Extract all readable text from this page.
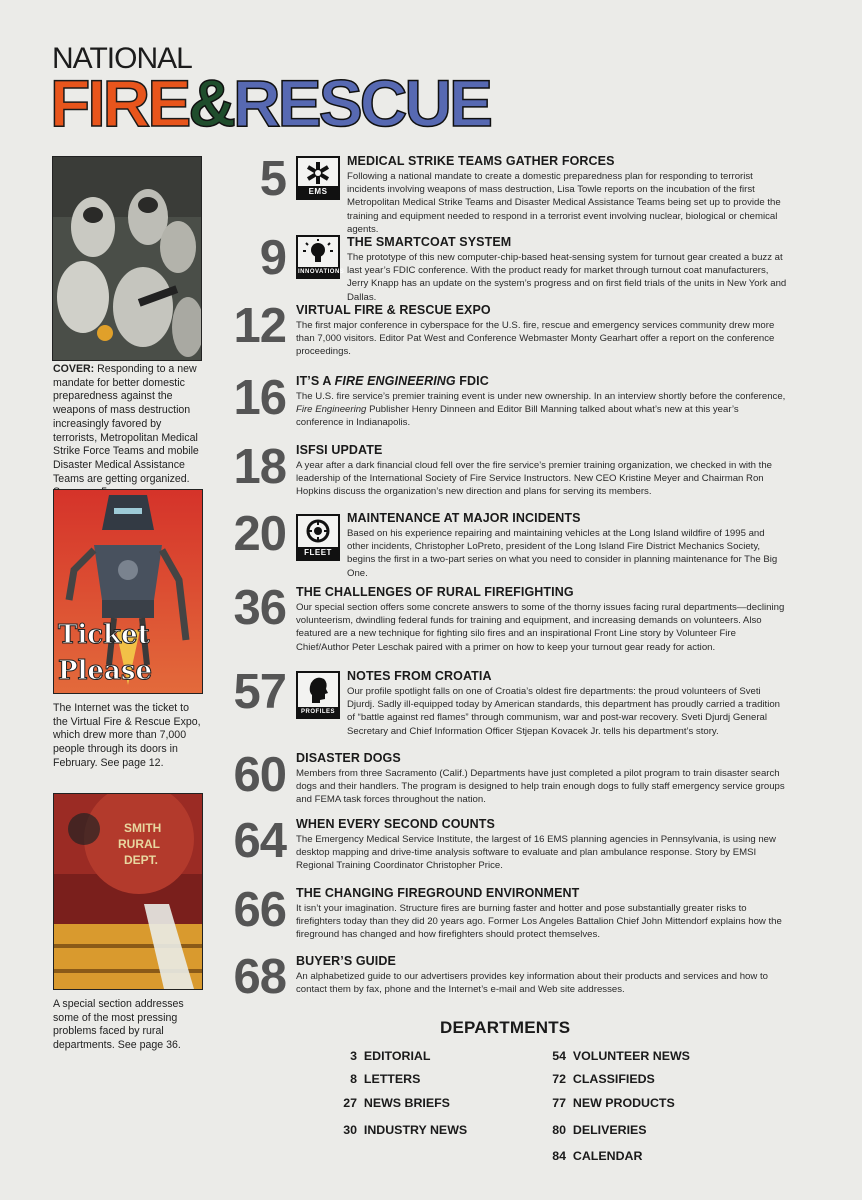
NATIONAL
FIRE&RESCUE
COVER: Responding to a new mandate for better domestic preparedness against the weapons of mass destruction increasingly favored by terrorists, Metropolitan Medical Strike Force Teams and mobile Disaster Medical Assistance Teams are getting organized.
Ticket
Please
The Internet was the ticket to the Virtual Fire & Rescue Expo, which drew more than 7,000 people through its doors in February. See page 12.
SMITH
RURAL
DEPT.
A special section addresses some of the most pressing problems faced by rural departments. See page 36.
5	EMS
MEDICAL STRIKE TEAMS GATHER FORCES
Following a national mandate to create a domestic preparedness plan for responding to terrorist incidents involving weapons of mass destruction, Lisa Towle reports on the incubation of the first Metropolitan Medical Strike Teams and Disaster Medical Assistance Teams being set up to provide the training and equipment needed to respond in a terrorist event involving nuclear, biological or chemical agents.
9 INNOVATIONS
THE SMARTCOAT SYSTEM
The prototype of this new computer-chip-based heat-sensing system for turnout gear created a buzz at last year’s FDIC conference. With the product ready for market through turnout coat manufacturers, Jerry Knapp has an update on the system’s progress and on first field trials of the units in New York and Dallas.
12 VIRTUAL FIRE & RESCUE EXPO
The first major conference in cyberspace for the U.S. fire, rescue and emergency services community drew more than 7,000 visitors. Editor Pat West and Conference Webmaster Monty Gearhart offer a report on the conference proceedings.
16 IT’S A FIRE ENGINEERING FDIC
The U.S. fire service’s premier training event is under new ownership. In an interview shortly before the conference, Fire Engineering Publisher Henry Dinneen and Editor Bill Manning talked about what’s new at this year’s conference in Indianapolis.
18 ISFSI UPDATE
A year after a dark financial cloud fell over the fire service’s premier training organization, we checked in with the leadership of the International Society of Fire Service Instructors. New CEO Kristine Meyer and Chairman Ron Hopkins discuss the organization’s new direction and plans for serving its members.
20	FLEET
MAINTENANCE AT MAJOR INCIDENTS
Based on his experience repairing and maintaining vehicles at the Long Island wildfire of 1995 and other incidents, Christopher LoPreto, president of the Long Island Fire District Mechanics Society, begins the first in a two-part series on what you need to consider in planning maintenance for The Big One.
36 THE CHALLENGES OF RURAL FIREFIGHTING
Our special section offers some concrete answers to some of the thorny issues facing rural departments—declining volunteerism, dwindling federal funds for training and equipment, and increasing demands on volunteers. Also featured are a new technique for fighting silo fires and an inspirational Front Line story by Volunteer Fire Chief/Author Peter Leschak paired with a primer on how to keep your turnout gear ready for action.
57	PROFILES
NOTES FROM CROATIA
Our profile spotlight falls on one of Croatia’s oldest fire departments: the proud volunteers of Sveti Djurdj. Sadly ill-equipped today by American standards, this department has proudly carried a tradition of “battle against red flames” through communism, war and post-war recovery. Sveti Djurdj General Secretary and Chief Information Officer Stjepan Kovacek Jr. tells his department’s story.
60 DISASTER DOGS
Members from three Sacramento (Calif.) Departments have just completed a pilot program to train disaster search dogs and their handlers. The program is designed to help train enough dogs to fully staff emergency service groups and FEMA task forces throughout the nation.
64 WHEN EVERY SECOND COUNTS
The Emergency Medical Service Institute, the largest of 16 EMS planning agencies in Pennsylvania, is using new desktop mapping and drive-time analysis software to evaluate and plan ambulance response. Story by EMSI Regional Training Coordinator Christopher Price.
66 THE CHANGING FIREGROUND ENVIRONMENT
It isn’t your imagination. Structure fires are burning faster and hotter and pose substantially greater risks to firefighters today than they did 20 years ago. Former Los Angeles Battalion Chief John Mittendorf explains how the fireground has changed and how firefighters should protect themselves.
68 BUYER’S GUIDE
An alphabetized guide to our advertisers provides key information about their products and services and how to contact them by fax, phone and the Internet’s e-mail and Web site addresses.
DEPARTMENTS
3 EDITORIAL
8 LETTERS
27 NEWS BRIEFS
30 INDUSTRY NEWS
54 VOLUNTEER NEWS
72 CLASSIFIEDS
77 NEW PRODUCTS
80 DELIVERIES
84 CALENDAR
